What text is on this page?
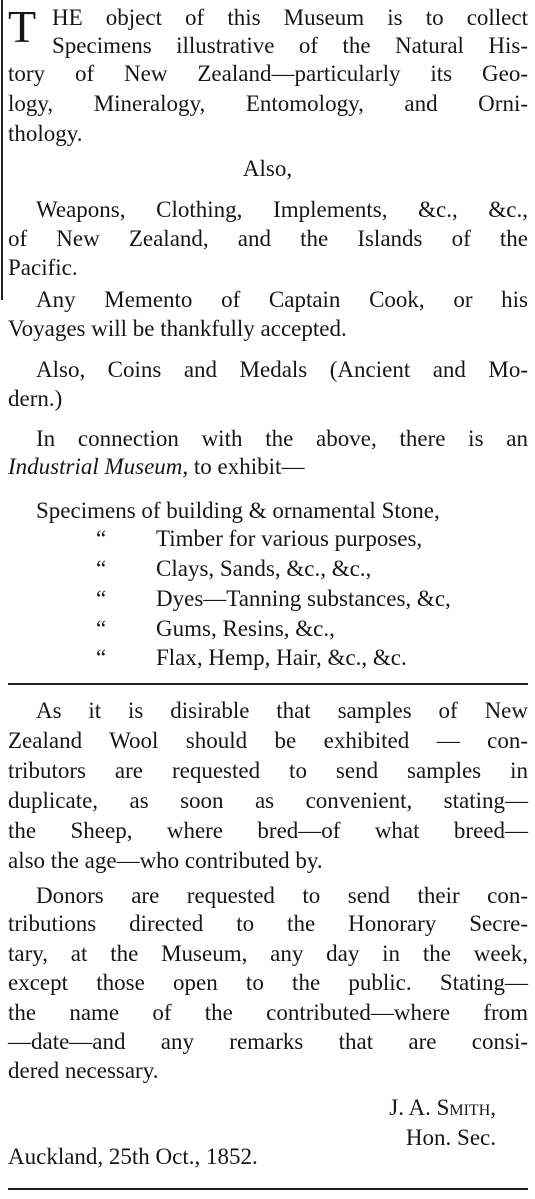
T HE object of this Museum is to collect
Specimens illustrative of the Natural His-
tory of New Zealand—particularly its Geo-
logy, Mineralogy, Entomology, and Orni-
thology.
Also,
Weapons, Clothing, Implements, &c., &c.,
of New Zealand, and the Islands of the
Pacific.
Any Memento of Captain Cook, or his
Voyages will be thankfully accepted.
Also, Coins and Medals (Ancient and Mo-
dern.)
In connection with the above, there is an
Industrial Museum, to exhibit—
Specimens of building & ornamental Stone,
“ Timber for various purposes,
“ Clays, Sands, &c., &c.,
“ Dyes—Tanning substances, &c,
“ Gums, Resins, &c.,
“ Flax, Hemp, Hair, &c., &c.
As it is disirable that samples of New
Zealand Wool should be exhibited — con-
tributors are requested to send samples in
duplicate, as soon as convenient, stating—
the Sheep, where bred—of what breed—
also the age—who contributed by.
Donors are requested to send their con-
tributions directed to the Honorary Secre-
tary, at the Museum, any day in the week,
except those open to the public. Stating—
the name of the contributed—where from
—date—and any remarks that are consi-
dered necessary.
J. A. Smith,
Hon. Sec.
Auckland, 25th Oct., 1852.
